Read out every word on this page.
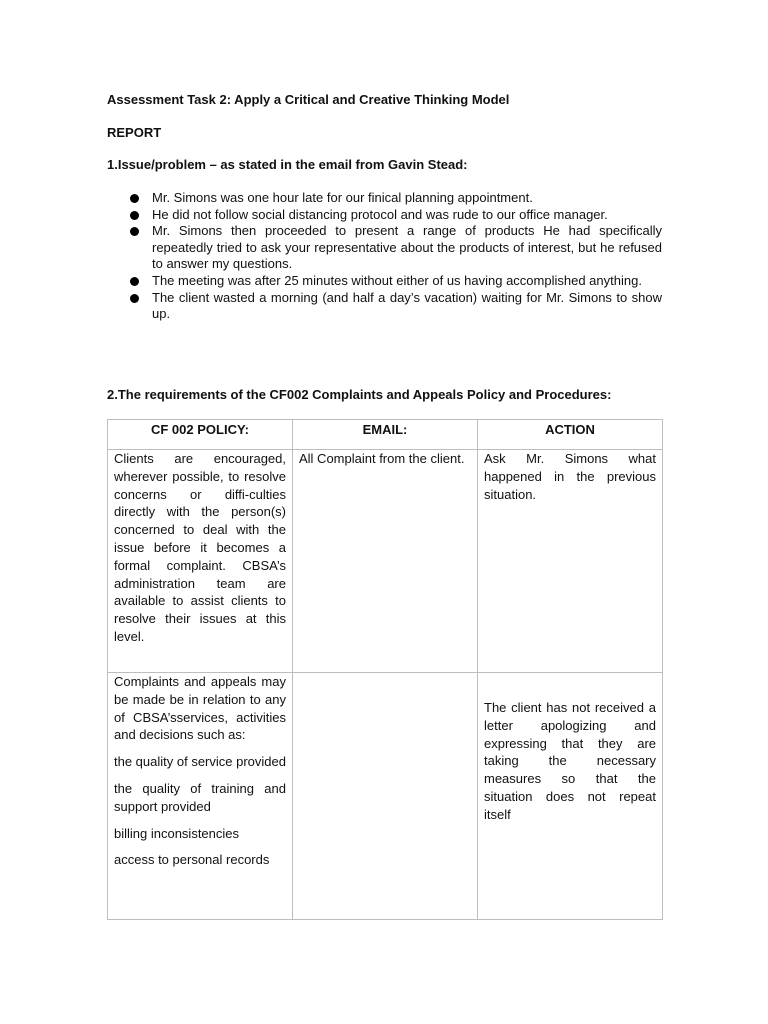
Assessment Task 2: Apply a Critical and Creative Thinking Model
REPORT
1.Issue/problem – as stated in the email from Gavin Stead:
Mr. Simons was one hour late for our finical planning appointment.
He did not follow social distancing protocol and was rude to our office manager.
Mr. Simons then proceeded to present a range of products He had specifically repeatedly tried to ask your representative about the products of interest, but he refused to answer my questions.
The meeting was after 25 minutes without either of us having accomplished anything.
The client wasted a morning (and half a day’s vacation) waiting for Mr. Simons to show up.
2.The requirements of the CF002 Complaints and Appeals Policy and Procedures:
CF 002 POLICY:	EMAIL:	ACTION
Clients are encouraged, wherever possible, to resolve concerns or diffi-culties directly with the person(s) concerned to deal with the issue before it becomes a formal complaint. CBSA’s administration team are available to assist clients to resolve their issues at this level.	All Complaint from the client.	Ask Mr. Simons what happened in the previous situation.

Complaints and appeals may be made be in relation to any of CBSA’sservices, activities and decisions such as:

the quality of service provided

the quality of training and support provided

billing inconsistencies

access to personal records		The client has not received a letter apologizing and expressing that they are taking the necessary measures so that the situation does not repeat itself
